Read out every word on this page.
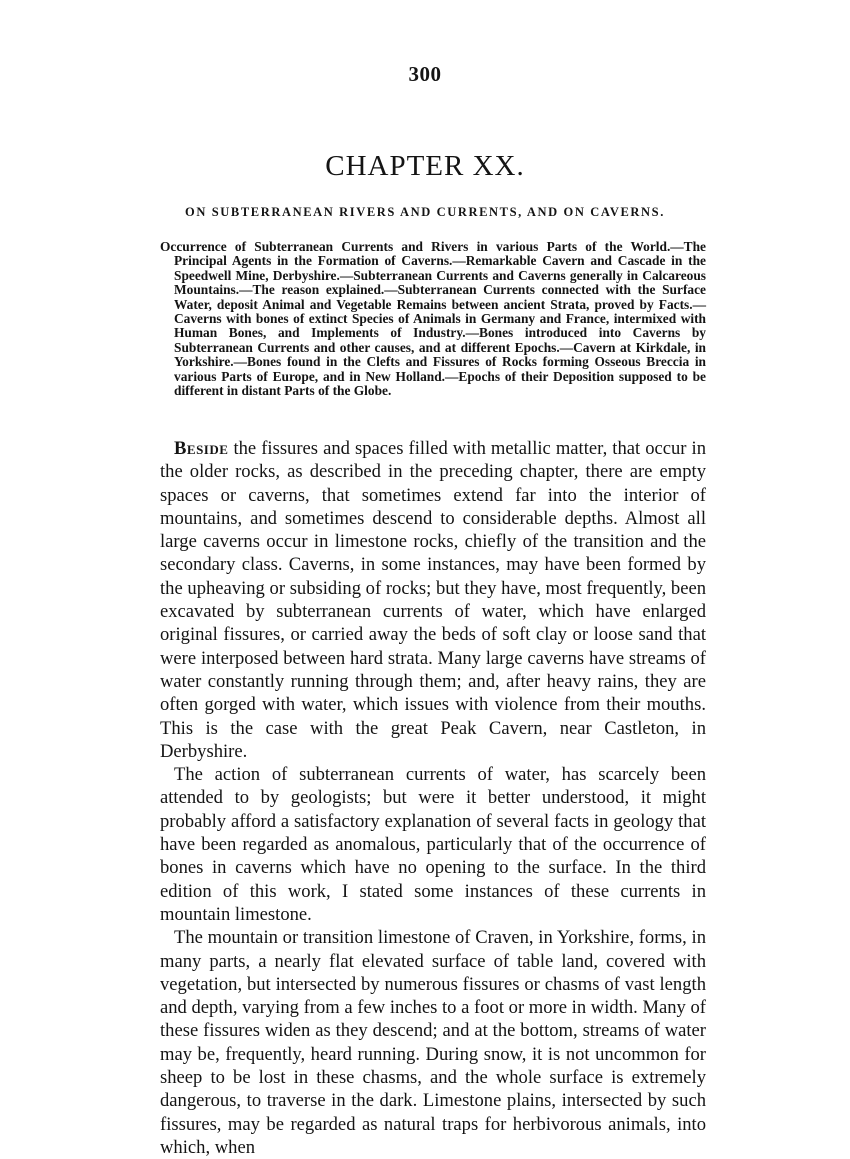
300
CHAPTER XX.
ON SUBTERRANEAN RIVERS AND CURRENTS, AND ON CAVERNS.
Occurrence of Subterranean Currents and Rivers in various Parts of the World.—The Principal Agents in the Formation of Caverns.—Remarkable Cavern and Cascade in the Speedwell Mine, Derbyshire.—Subterranean Currents and Caverns generally in Calcareous Mountains.—The reason explained.—Subterranean Currents connected with the Surface Water, deposit Animal and Vegetable Remains between ancient Strata, proved by Facts.—Caverns with bones of extinct Species of Animals in Germany and France, intermixed with Human Bones, and Implements of Industry.—Bones introduced into Caverns by Subterranean Currents and other causes, and at different Epochs.—Cavern at Kirkdale, in Yorkshire.—Bones found in the Clefts and Fissures of Rocks forming Osseous Breccia in various Parts of Europe, and in New Holland.—Epochs of their Deposition supposed to be different in distant Parts of the Globe.

Beside the fissures and spaces filled with metallic matter, that occur in the older rocks, as described in the preceding chapter, there are empty spaces or caverns, that sometimes extend far into the interior of mountains, and sometimes descend to considerable depths. Almost all large caverns occur in limestone rocks, chiefly of the transition and the secondary class. Caverns, in some instances, may have been formed by the upheaving or subsiding of rocks; but they have, most frequently, been excavated by subterranean currents of water, which have enlarged original fissures, or carried away the beds of soft clay or loose sand that were interposed between hard strata. Many large caverns have streams of water constantly running through them; and, after heavy rains, they are often gorged with water, which issues with violence from their mouths. This is the case with the great Peak Cavern, near Castleton, in Derbyshire.

The action of subterranean currents of water, has scarcely been attended to by geologists; but were it better understood, it might probably afford a satisfactory explanation of several facts in geology that have been regarded as anomalous, particularly that of the occurrence of bones in caverns which have no opening to the surface. In the third edition of this work, I stated some instances of these currents in mountain limestone.

The mountain or transition limestone of Craven, in Yorkshire, forms, in many parts, a nearly flat elevated surface of table land, covered with vegetation, but intersected by numerous fissures or chasms of vast length and depth, varying from a few inches to a foot or more in width. Many of these fissures widen as they descend; and at the bottom, streams of water may be, frequently, heard running. During snow, it is not uncommon for sheep to be lost in these chasms, and the whole surface is extremely dangerous, to traverse in the dark. Limestone plains, intersected by such fissures, may be regarded as natural traps for herbivorous animals, into which, when
